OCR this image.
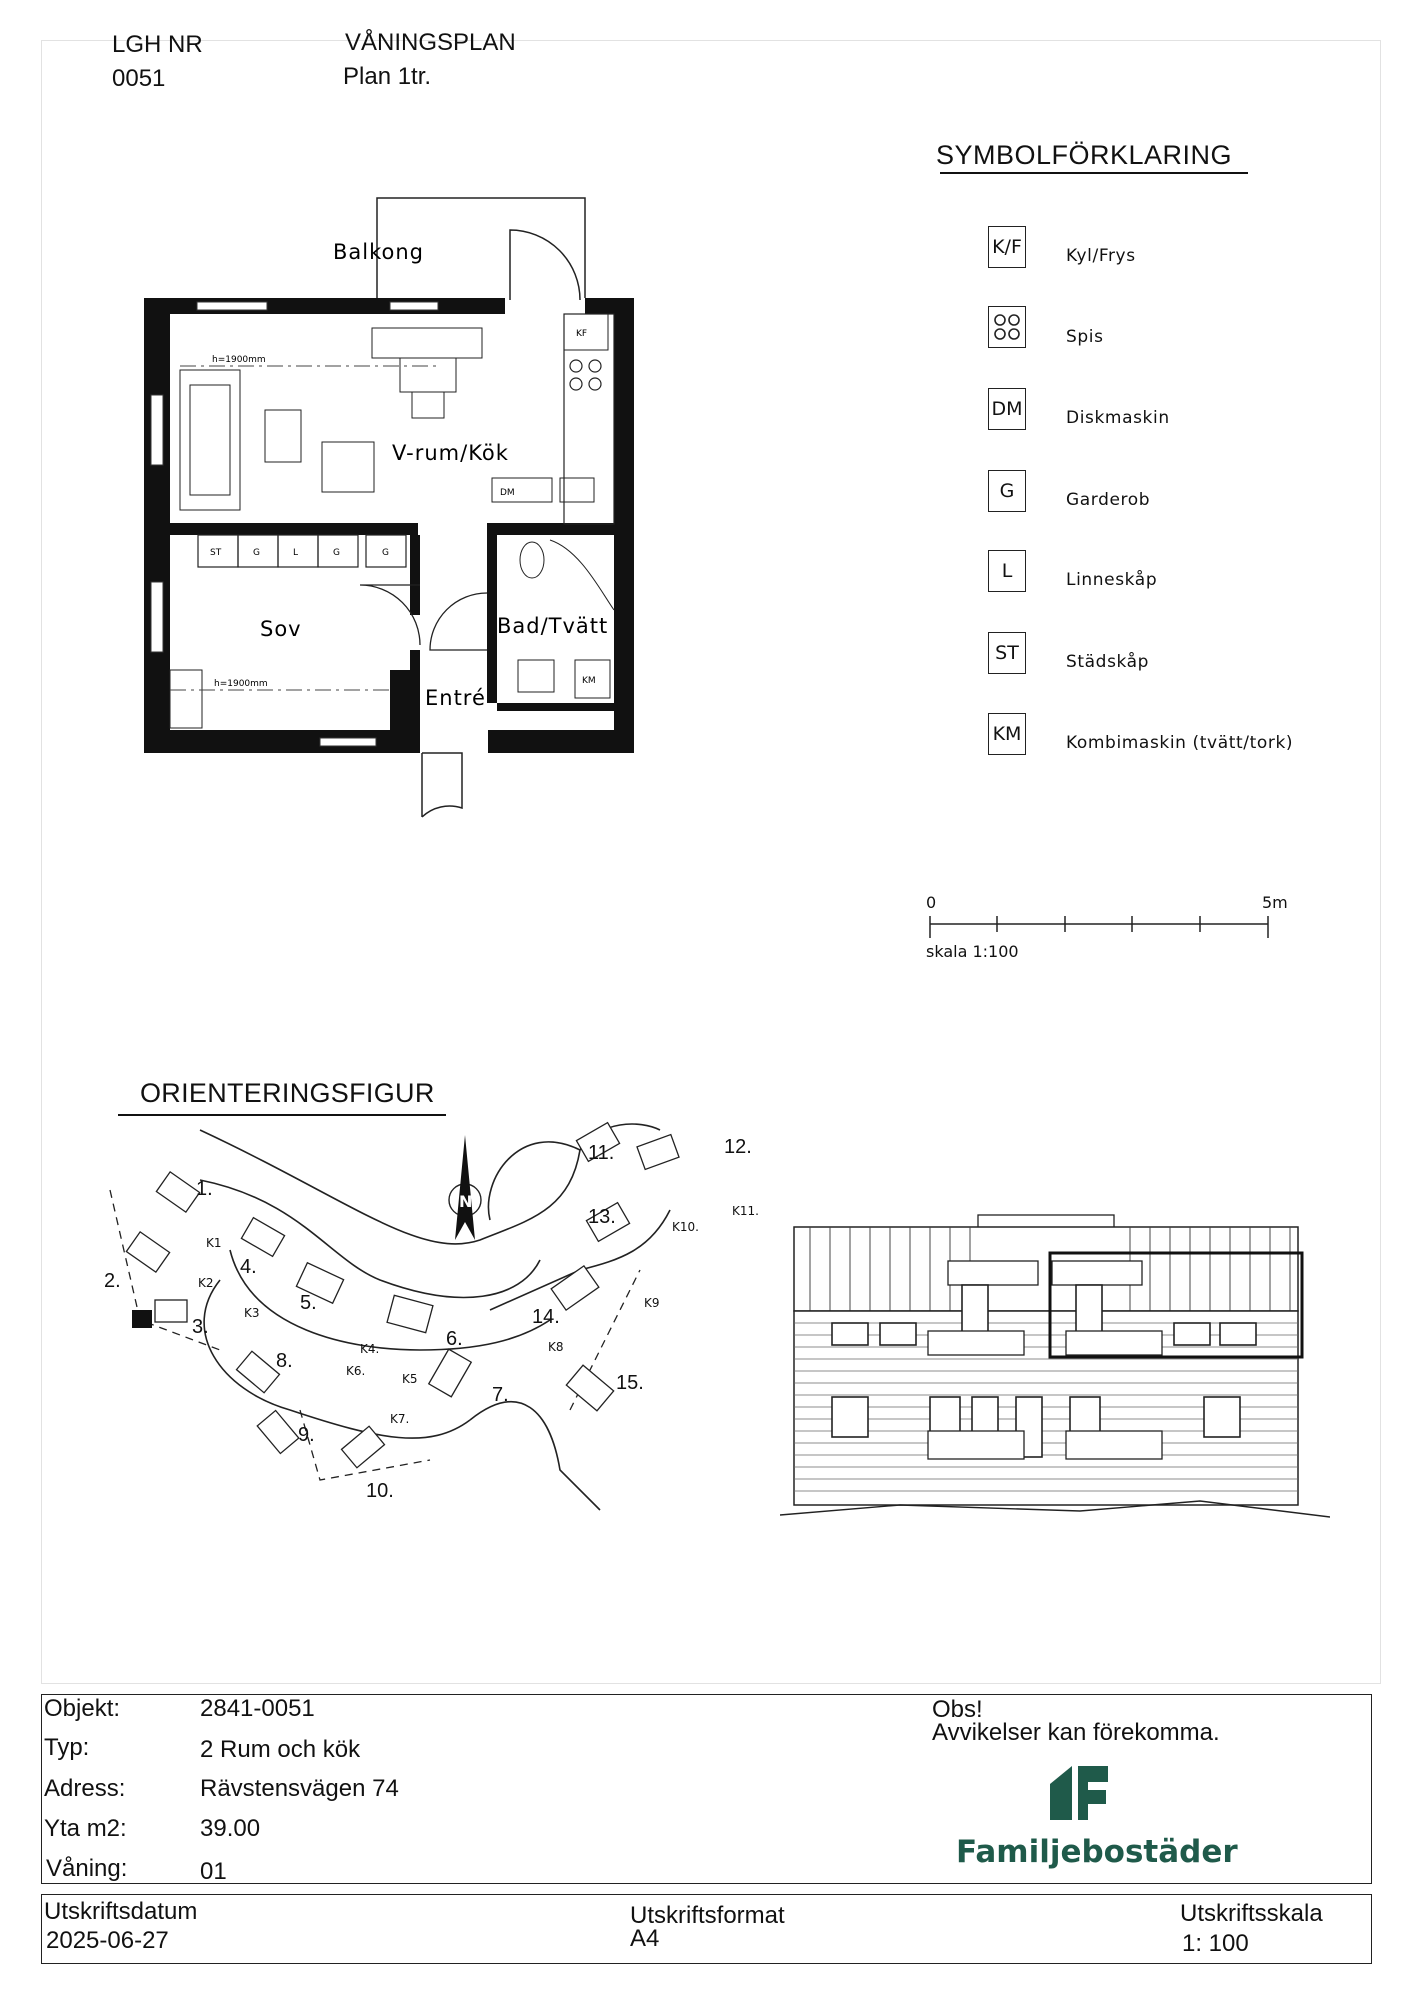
LGH NR
0051
VÅNINGSPLAN
Plan 1tr.
KF
DM
h=1900mm
ST	G	L	G	G
h=1900mm	KM
Balkong
V-rum/Kök
Sov	Bad/Tvätt
Entré
SYMBOLFÖRKLARING
K/F	Kyl/Frys
Spis
DM	Diskmaskin
G	Garderob
L	Linneskåp
ST	Städskåp
KM	Kombimaskin (tvätt/tork)
0	5m
skala 1:100
ORIENTERINGSFIGUR
N
1.
2.
3.
4.
5.
6.
7.
8.
9.
10.
11.	12.
13.
14.
15.
K1
K2
K3
K4.
K5
K6.
K7.
K8
K9
K10.
K11.
Objekt:	2841-0051
Typ:	2 Rum och kök
Adress:	Rävstensvägen 74
Yta m2:	39.00
Våning:	01
Obs!
Avvikelser kan förekomma.
Familjebostäder
Utskriftsdatum
2025-06-27
Utskriftsformat
A4
Utskriftsskala
1: 100
